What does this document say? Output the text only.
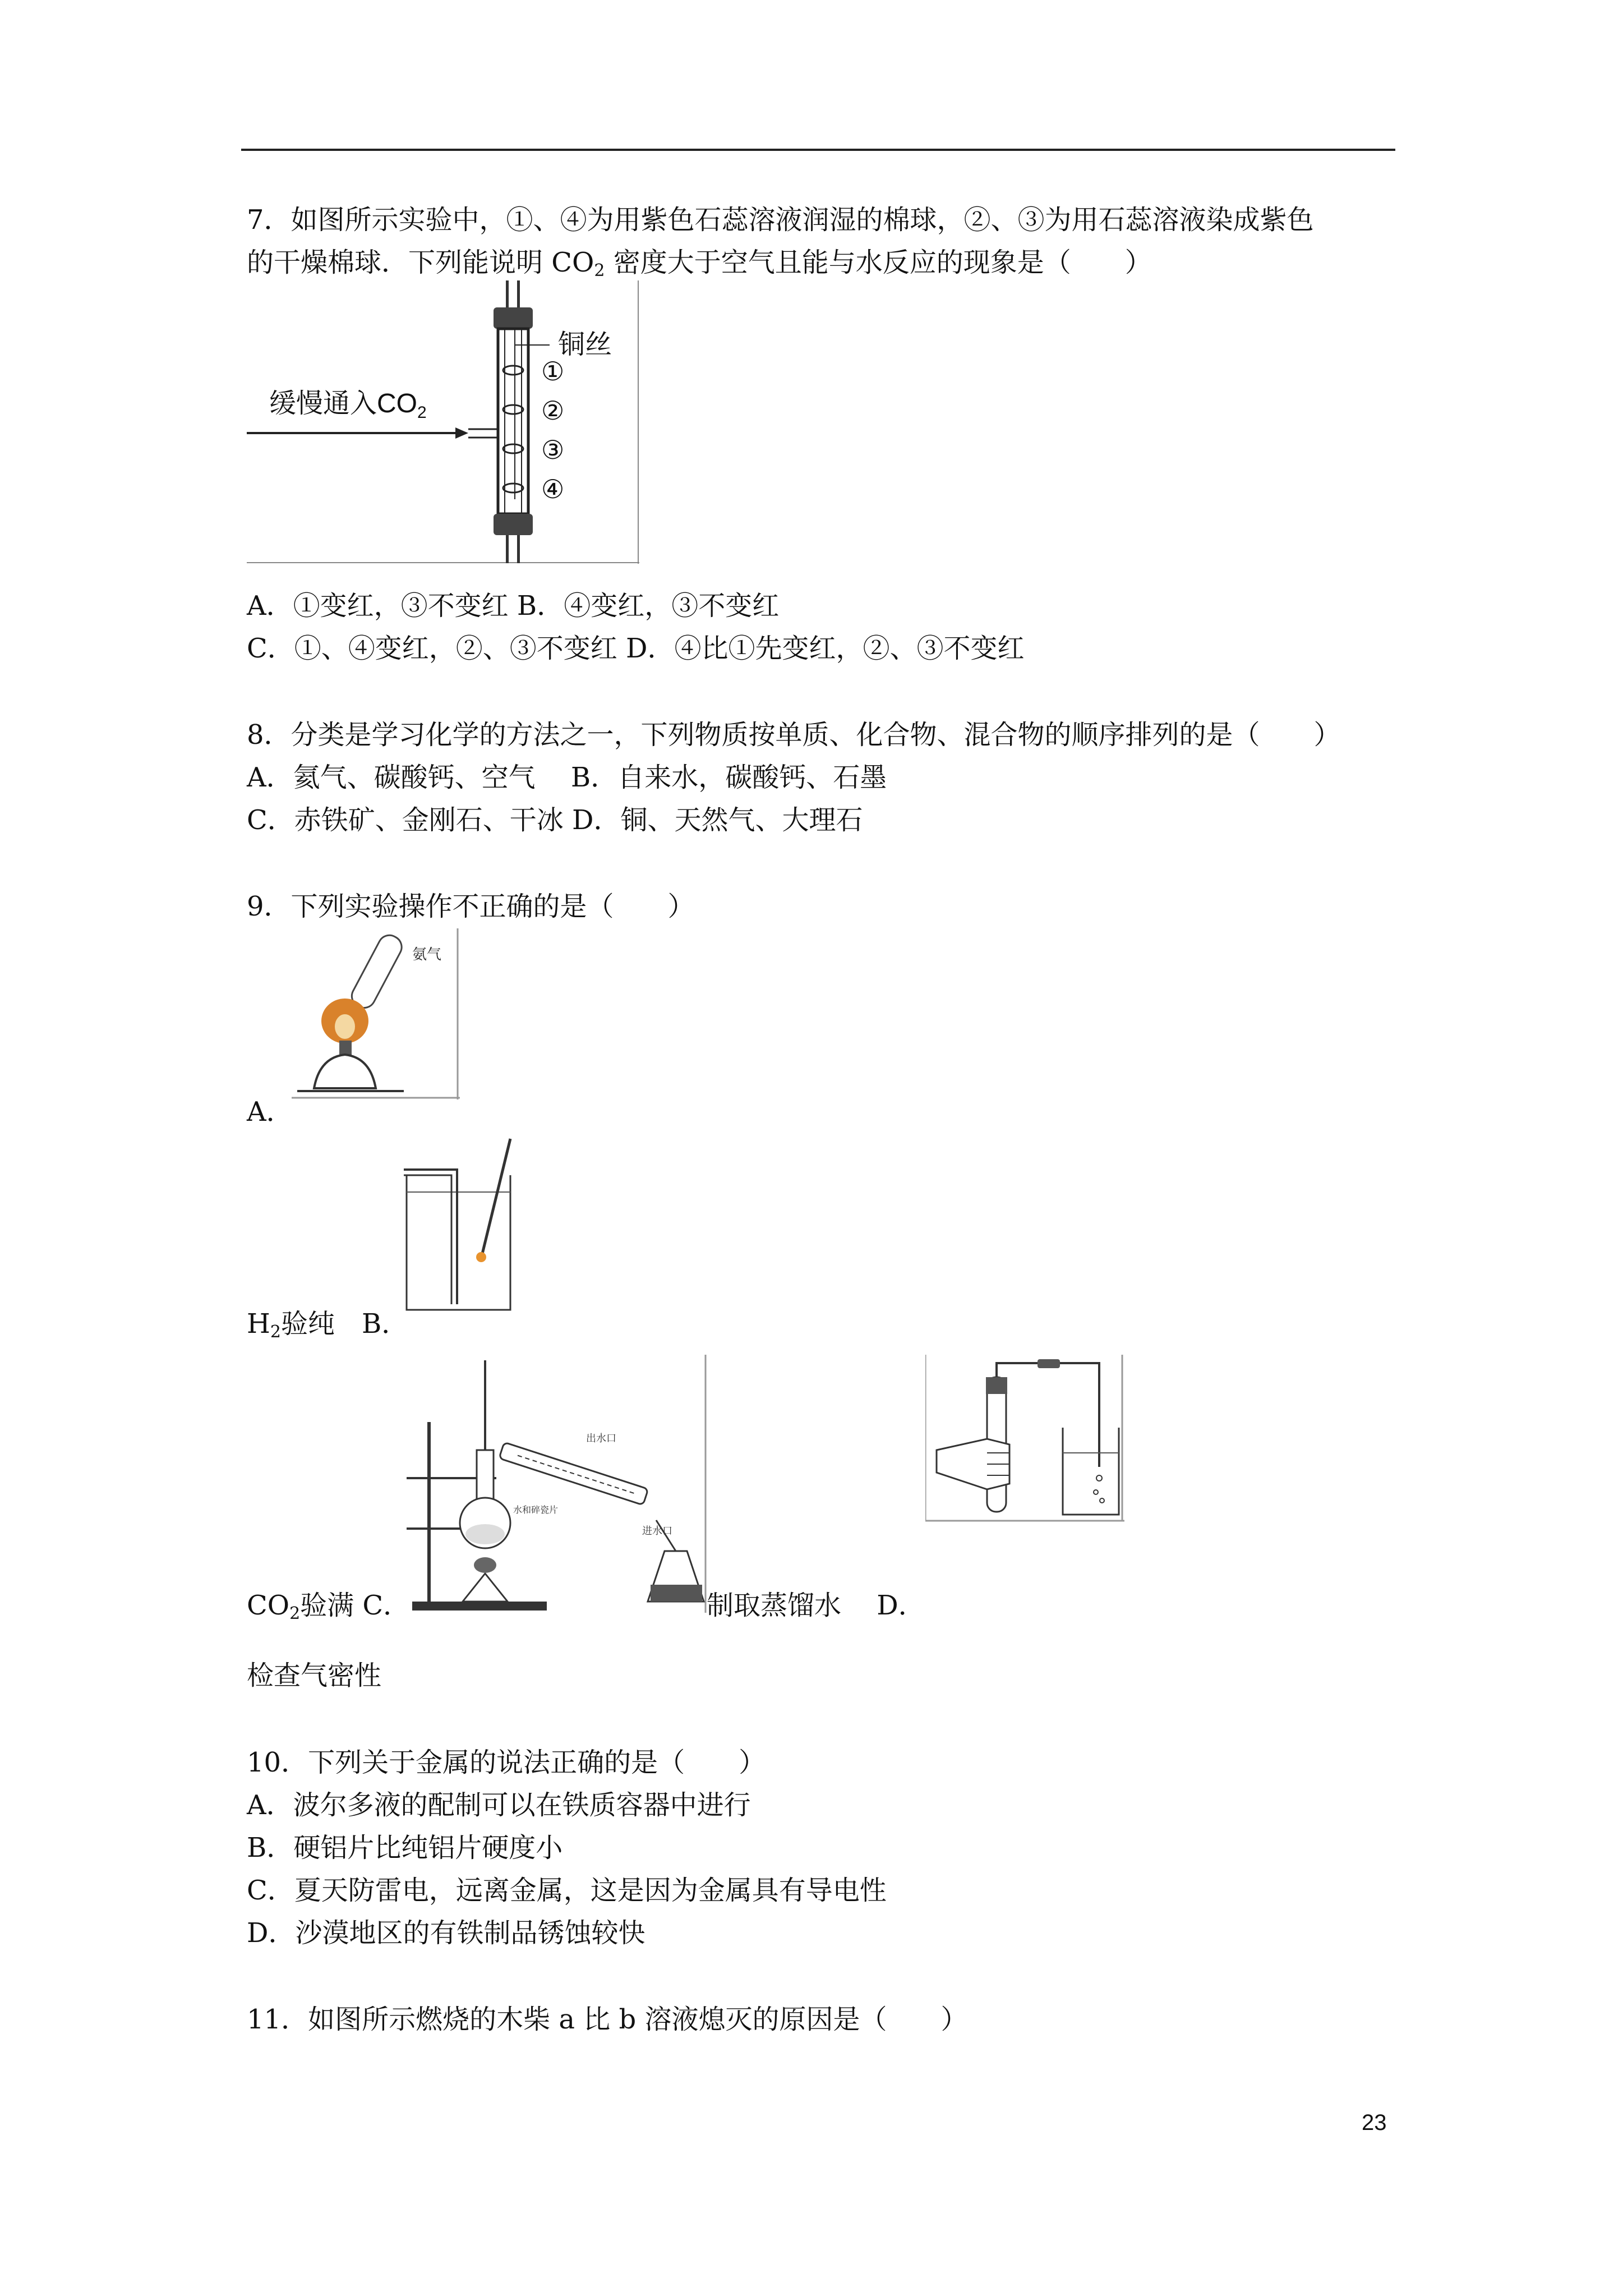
7．如图所示实验中，①、④为用紫色石蕊溶液润湿的棉球，②、③为用石蕊溶液染成紫色
的干燥棉球．下列能说明 $CO_2$ 密度大于空气且能与水反应的现象是（　　）
缓慢通入$CO_2$
铜丝
①
②
③
④
A．①变红，③不变红 B．④变红，③不变红
C．①、④变红，②、③不变红 D．④比①先变红，②、③不变红
8．分类是学习化学的方法之一，下列物质按单质、化合物、混合物的顺序排列的是（　　）
A．氦气、碳酸钙、空气　 B．自来水，碳酸钙、石墨
C．赤铁矿、金刚石、干冰 D．铜、天然气、大理石
9．下列实验操作不正确的是（　　）
氨气
A．
$H_2$验纯　B．
出水口
进水口
水和碎瓷片
$CO_2$验满 C．	制取蒸馏水　 D．
检查气密性
10．下列关于金属的说法正确的是（　　）
A．波尔多液的配制可以在铁质容器中进行
B．硬铝片比纯铝片硬度小
C．夏天防雷电，远离金属，这是因为金属具有导电性
D．沙漠地区的有铁制品锈蚀较快
11．如图所示燃烧的木柴 a 比 b 溶液熄灭的原因是（　　）
23
